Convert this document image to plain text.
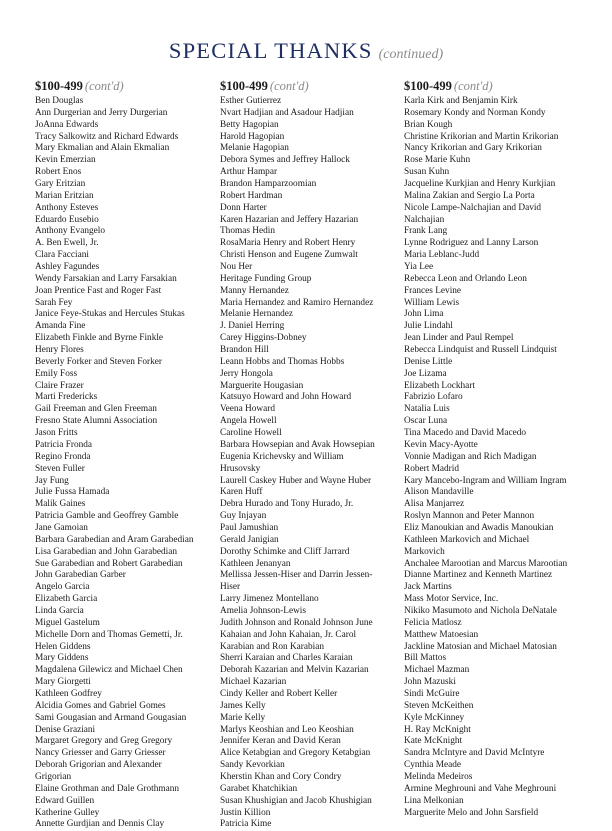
SPECIAL THANKS (continued)
$100-499 (cont'd)
Ben Douglas
Ann Durgerian and Jerry Durgerian
JoAnna Edwards
Tracy Salkowitz and Richard Edwards
Mary Ekmalian and Alain Ekmalian
Kevin Emerzian
Robert Enos
Gary Eritzian
Marian Eritzian
Anthony Esteves
Eduardo Eusebio
Anthony Evangelo
A. Ben Ewell, Jr.
Clara Facciani
Ashley Fagundes
Wendy Farsakian and Larry Farsakian
Joan Prentice Fast and Roger Fast
Sarah Fey
Janice Feye-Stukas and Hercules Stukas
Amanda Fine
Elizabeth Finkle and Byrne Finkle
Henry Flores
Beverly Forker and Steven Forker
Emily Foss
Claire Frazer
Marti Fredericks
Gail Freeman and Glen Freeman
Fresno State Alumni Association
Jason Fritts
Patricia Fronda
Regino Fronda
Steven Fuller
Jay Fung
Julie Fussa Hamada
Malik Gaines
Patricia Gamble and Geoffrey Gamble
Jane Gamoian
Barbara Garabedian and Aram Garabedian
Lisa Garabedian and John Garabedian
Sue Garabedian and Robert Garabedian
John Garabedian Garber
Angelo Garcia
Elizabeth Garcia
Linda Garcia
Miguel Gastelum
Michelle Dorn and Thomas Gemetti, Jr.
Helen Giddens
Mary Giddens
Magdalena Gilewicz and Michael Chen
Mary Giorgetti
Kathleen Godfrey
Alcidia Gomes and Gabriel Gomes
Sami Gougasian and Armand Gougasian
Denise Graziani
Margaret Gregory and Greg Gregory
Nancy Griesser and Garry Griesser
Deborah Grigorian and Alexander
Grigorian
Elaine Grothman and Dale Grothmann
Edward Guillen
Katherine Gulley
Annette Gurdjian and Dennis Clay
$100-499 (cont'd)
Esther Gutierrez
Nvart Hadjian and Asadour Hadjian
Betty Hagopian
Harold Hagopian
Melanie Hagopian
Debora Symes and Jeffrey Hallock
Arthur Hampar
Brandon Hamparzoomian
Robert Hardman
Donn Harter
Karen Hazarian and Jeffery Hazarian
Thomas Hedin
RosaMaria Henry and Robert Henry
Christi Henson and Eugene Zumwalt
Nou Her
Heritage Funding Group
Manny Hernandez
Maria Hernandez and Ramiro Hernandez
Melanie Hernandez
J. Daniel Herring
Carey Higgins-Dobney
Brandon Hill
Leann Hobbs and Thomas Hobbs
Jerry Hongola
Marguerite Hougasian
Katsuyo Howard and John Howard
Veena Howard
Angela Howell
Caroline Howell
Barbara Howsepian and Avak Howsepian
Eugenia Krichevsky and William
Hrusovsky
Laurell Caskey Huber and Wayne Huber
Karen Huff
Debra Hurado and Tony Hurado, Jr.
Guy Injayan
Paul Jamushian
Gerald Janigian
Dorothy Schimke and Cliff Jarrard
Kathleen Jenanyan
Mellissa Jessen-Hiser and Darrin Jessen-
Hiser
Larry Jimenez Montellano
Amelia Johnson-Lewis
Judith Johnson and Ronald Johnson June
Kahaian and John Kahaian, Jr. Carol
Karabian and Ron Karabian
Sherri Karaian and Charles Karaian
Deborah Kazarian and Melvin Kazarian
Michael Kazarian
Cindy Keller and Robert Keller
James Kelly
Marie Kelly
Marlys Keoshian and Leo Keoshian
Jennifer Keran and David Keran
Alice Ketabgian and Gregory Ketabgian
Sandy Kevorkian
Kherstin Khan and Cory Condry
Garabet Khatchikian
Susan Khushigian and Jacob Khushigian
Justin Killion
Patricia Kime
$100-499 (cont'd)
Karla Kirk and Benjamin Kirk
Rosemary Kondy and Norman Kondy
Brian Kough
Christine Krikorian and Martin Krikorian
Nancy Krikorian and Gary Krikorian
Rose Marie Kuhn
Susan Kuhn
Jacqueline Kurkjian and Henry Kurkjian
Malina Zakian and Sergio La Porta
Nicole Lampe-Nalchajian and David
Nalchajian
Frank Lang
Lynne Rodriguez and Lanny Larson
Maria Leblanc-Judd
Yia Lee
Rebecca Leon and Orlando Leon
Frances Levine
William Lewis
John Lima
Julie Lindahl
Jean Linder and Paul Rempel
Rebecca Lindquist and Russell Lindquist
Denise Little
Joe Lizama
Elizabeth Lockhart
Fabrizio Lofaro
Natalia Luis
Oscar Luna
Tina Macedo and David Macedo
Kevin Macy-Ayotte
Vonnie Madigan and Rich Madigan
Robert Madrid
Kary Mancebo-Ingram and William Ingram
Alison Mandaville
Alisa Manjarrez
Roslyn Mannon and Peter Mannon
Eliz Manoukian and Awadis Manoukian
Kathleen Markovich and Michael
Markovich
Anchalee Marootian and Marcus Marootian
Dianne Martinez and Kenneth Martinez
Jack Martins
Mass Motor Service, Inc.
Nikiko Masumoto and Nichola DeNatale
Felicia Matlosz
Matthew Matoesian
Jackline Matosian and Michael Matosian
Bill Mattos
Michael Mazman
John Mazuski
Sindi McGuire
Steven McKeithen
Kyle McKinney
H. Ray McKnight
Kate McKnight
Sandra McIntyre and David McIntyre
Cynthia Meade
Melinda Medeiros
Armine Meghrouni and Vahe Meghrouni
Lina Melkonian
Marguerite Melo and John Sarsfield
